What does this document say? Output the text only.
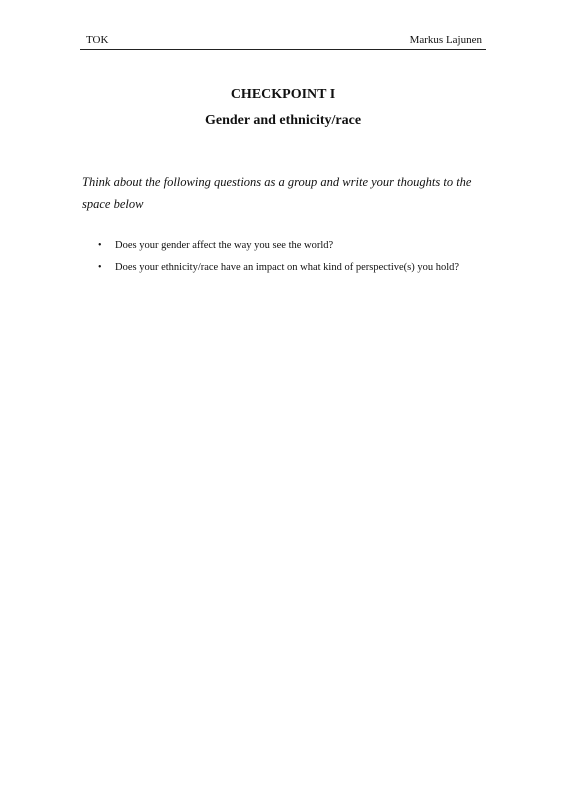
TOK	Markus Lajunen
CHECKPOINT I
Gender and ethnicity/race
Think about the following questions as a group and write your thoughts to the space below
• Does your gender affect the way you see the world?
• Does your ethnicity/race have an impact on what kind of perspective(s) you hold?
